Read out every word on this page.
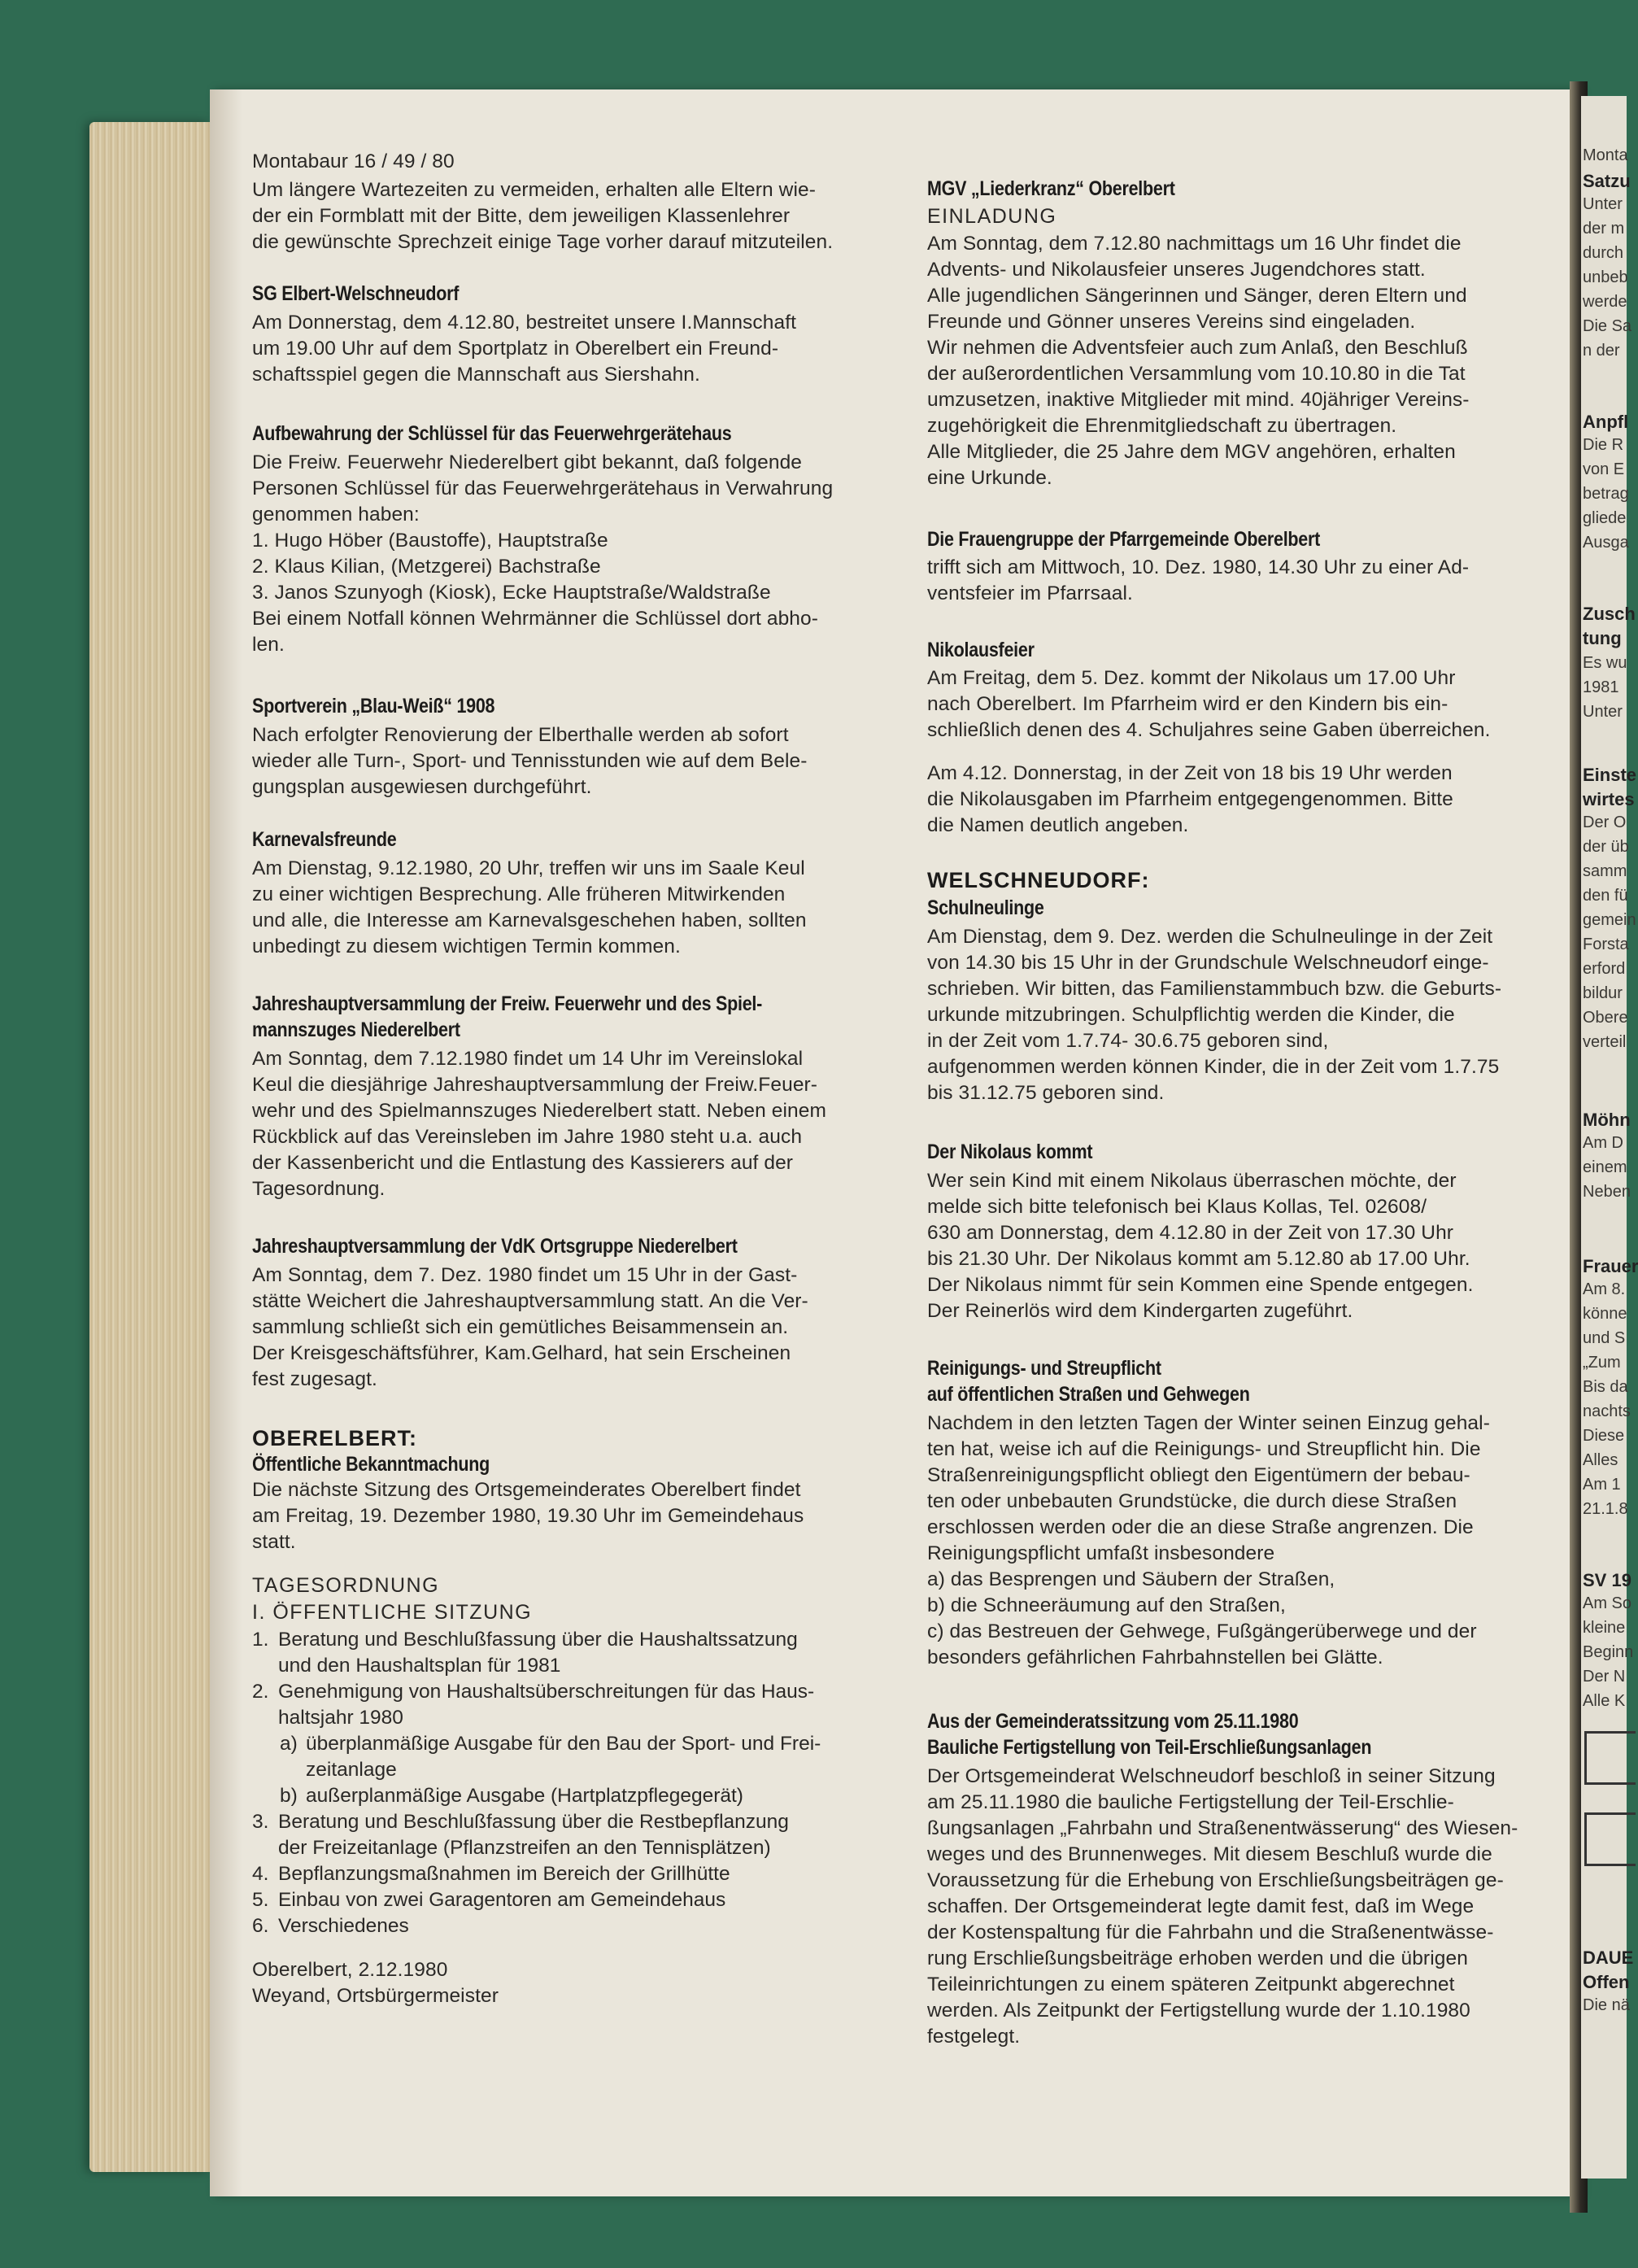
Monta
Satzu
Unter
der m
durch
unbeb
werde
Die Sa
n der
Anpfl
Die R
von E
betrag
gliede
Ausga
Zusch
tung
Es wu
1981
Unter
Einste
wirtes
Der O
der üb
samm
den fü
gemein
Forsta
erford
bildur
Obere
verteil
Möhn
Am D
einem
Neben
Frauer
Am 8.
könne
und S
„Zum
Bis da
nachts
Diese
Alles
Am 1
21.1.8
SV 19
Am So
kleine
Beginn
Der N
Alle K
DAUE
Offen
Die nä
Montabaur 16 / 49 / 80
Um längere Wartezeiten zu vermeiden, erhalten alle Eltern wie-
der ein Formblatt mit der Bitte, dem jeweiligen Klassenlehrer
die gewünschte Sprechzeit einige Tage vorher darauf mitzuteilen.
SG Elbert-Welschneudorf
Am Donnerstag, dem 4.12.80, bestreitet unsere I.Mannschaft
um 19.00 Uhr auf dem Sportplatz in Oberelbert ein Freund-
schaftsspiel gegen die Mannschaft aus Siershahn.
Aufbewahrung der Schlüssel für das Feuerwehrgerätehaus
Die Freiw. Feuerwehr Niederelbert gibt bekannt, daß folgende
Personen Schlüssel für das Feuerwehrgerätehaus in Verwahrung
genommen haben:
1. Hugo Höber (Baustoffe), Hauptstraße
2. Klaus Kilian, (Metzgerei) Bachstraße
3. Janos Szunyogh (Kiosk), Ecke Hauptstraße/Waldstraße
Bei einem Notfall können Wehrmänner die Schlüssel dort abho-
len.
Sportverein „Blau-Weiß“ 1908
Nach erfolgter Renovierung der Elberthalle werden ab sofort
wieder alle Turn-, Sport- und Tennisstunden wie auf dem Bele-
gungsplan ausgewiesen durchgeführt.
Karnevalsfreunde
Am Dienstag, 9.12.1980, 20 Uhr, treffen wir uns im Saale Keul
zu einer wichtigen Besprechung. Alle früheren Mitwirkenden
und alle, die Interesse am Karnevalsgeschehen haben, sollten
unbedingt zu diesem wichtigen Termin kommen.
Jahreshauptversammlung der Freiw. Feuerwehr und des Spiel-
mannszuges Niederelbert
Am Sonntag, dem 7.12.1980 findet um 14 Uhr im Vereinslokal
Keul die diesjährige Jahreshauptversammlung der Freiw.Feuer-
wehr und des Spielmannszuges Niederelbert statt. Neben einem
Rückblick auf das Vereinsleben im Jahre 1980 steht u.a. auch
der Kassenbericht und die Entlastung des Kassierers auf der
Tagesordnung.
Jahreshauptversammlung der VdK Ortsgruppe Niederelbert
Am Sonntag, dem 7. Dez. 1980 findet um 15 Uhr in der Gast-
stätte Weichert die Jahreshauptversammlung statt. An die Ver-
sammlung schließt sich ein gemütliches Beisammensein an.
Der Kreisgeschäftsführer, Kam.Gelhard, hat sein Erscheinen
fest zugesagt.
OBERELBERT:
Öffentliche Bekanntmachung
Die nächste Sitzung des Ortsgemeinderates Oberelbert findet
am Freitag, 19. Dezember 1980, 19.30 Uhr im Gemeindehaus
statt.
TAGESORDNUNG
I. ÖFFENTLICHE SITZUNG
1. Beratung und Beschlußfassung über die Haushaltssatzung
und den Haushaltsplan für 1981
2. Genehmigung von Haushaltsüberschreitungen für das Haus-
haltsjahr 1980
a) überplanmäßige Ausgabe für den Bau der Sport- und Frei-
zeitanlage
b) außerplanmäßige Ausgabe (Hartplatzpflegegerät)
3. Beratung und Beschlußfassung über die Restbepflanzung
der Freizeitanlage (Pflanzstreifen an den Tennisplätzen)
4. Bepflanzungsmaßnahmen im Bereich der Grillhütte
5. Einbau von zwei Garagentoren am Gemeindehaus
6. Verschiedenes
Oberelbert, 2.12.1980
Weyand, Ortsbürgermeister
MGV „Liederkranz“ Oberelbert
EINLADUNG
Am Sonntag, dem 7.12.80 nachmittags um 16 Uhr findet die
Advents- und Nikolausfeier unseres Jugendchores statt.
Alle jugendlichen Sängerinnen und Sänger, deren Eltern und
Freunde und Gönner unseres Vereins sind eingeladen.
Wir nehmen die Adventsfeier auch zum Anlaß, den Beschluß
der außerordentlichen Versammlung vom 10.10.80 in die Tat
umzusetzen, inaktive Mitglieder mit mind. 40jähriger Vereins-
zugehörigkeit die Ehrenmitgliedschaft zu übertragen.
Alle Mitglieder, die 25 Jahre dem MGV angehören, erhalten
eine Urkunde.
Die Frauengruppe der Pfarrgemeinde Oberelbert
trifft sich am Mittwoch, 10. Dez. 1980, 14.30 Uhr zu einer Ad-
ventsfeier im Pfarrsaal.
Nikolausfeier
Am Freitag, dem 5. Dez. kommt der Nikolaus um 17.00 Uhr
nach Oberelbert. Im Pfarrheim wird er den Kindern bis ein-
schließlich denen des 4. Schuljahres seine Gaben überreichen.
Am 4.12. Donnerstag, in der Zeit von 18 bis 19 Uhr werden
die Nikolausgaben im Pfarrheim entgegengenommen. Bitte
die Namen deutlich angeben.
WELSCHNEUDORF:
Schulneulinge
Am Dienstag, dem 9. Dez. werden die Schulneulinge in der Zeit
von 14.30 bis 15 Uhr in der Grundschule Welschneudorf einge-
schrieben. Wir bitten, das Familienstammbuch bzw. die Geburts-
urkunde mitzubringen. Schulpflichtig werden die Kinder, die
in der Zeit vom 1.7.74- 30.6.75 geboren sind,
aufgenommen werden können Kinder, die in der Zeit vom 1.7.75
bis 31.12.75 geboren sind.
Der Nikolaus kommt
Wer sein Kind mit einem Nikolaus überraschen möchte, der
melde sich bitte telefonisch bei Klaus Kollas, Tel. 02608/
630 am Donnerstag, dem 4.12.80 in der Zeit von 17.30 Uhr
bis 21.30 Uhr. Der Nikolaus kommt am 5.12.80 ab 17.00 Uhr.
Der Nikolaus nimmt für sein Kommen eine Spende entgegen.
Der Reinerlös wird dem Kindergarten zugeführt.
Reinigungs- und Streupflicht
auf öffentlichen Straßen und Gehwegen
Nachdem in den letzten Tagen der Winter seinen Einzug gehal-
ten hat, weise ich auf die Reinigungs- und Streupflicht hin. Die
Straßenreinigungspflicht obliegt den Eigentümern der bebau-
ten oder unbebauten Grundstücke, die durch diese Straßen
erschlossen werden oder die an diese Straße angrenzen. Die
Reinigungspflicht umfaßt insbesondere
a) das Besprengen und Säubern der Straßen,
b) die Schneeräumung auf den Straßen,
c) das Bestreuen der Gehwege, Fußgängerüberwege und der
besonders gefährlichen Fahrbahnstellen bei Glätte.
Aus der Gemeinderatssitzung vom 25.11.1980
Bauliche Fertigstellung von Teil-Erschließungsanlagen
Der Ortsgemeinderat Welschneudorf beschloß in seiner Sitzung
am 25.11.1980 die bauliche Fertigstellung der Teil-Erschlie-
ßungsanlagen „Fahrbahn und Straßenentwässerung“ des Wiesen-
weges und des Brunnenweges. Mit diesem Beschluß wurde die
Voraussetzung für die Erhebung von Erschließungsbeiträgen ge-
schaffen. Der Ortsgemeinderat legte damit fest, daß im Wege
der Kostenspaltung für die Fahrbahn und die Straßenentwässe-
rung Erschließungsbeiträge erhoben werden und die übrigen
Teileinrichtungen zu einem späteren Zeitpunkt abgerechnet
werden. Als Zeitpunkt der Fertigstellung wurde der 1.10.1980
festgelegt.
